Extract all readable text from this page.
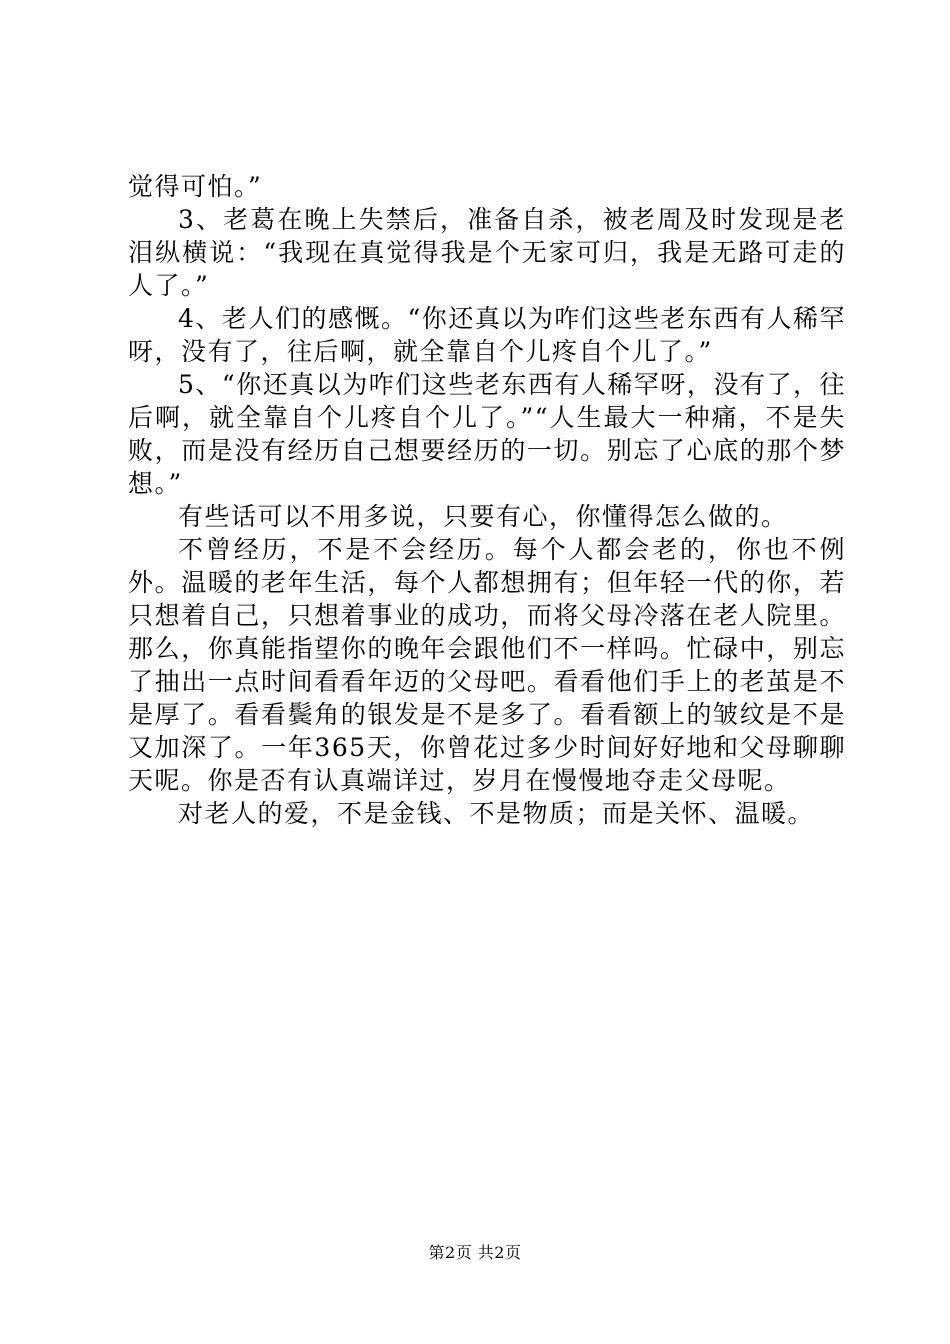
觉得可怕。”

3、老葛在晚上失禁后，准备自杀，被老周及时发现是老泪纵横说：“我现在真觉得我是个无家可归，我是无路可走的人了。”

4、老人们的感慨。“你还真以为咋们这些老东西有人稀罕呀，没有了，往后啊，就全靠自个儿疼自个儿了。”

5、“你还真以为咋们这些老东西有人稀罕呀，没有了，往后啊，就全靠自个儿疼自个儿了。”“人生最大一种痛，不是失败，而是没有经历自己想要经历的一切。别忘了心底的那个梦想。”

有些话可以不用多说，只要有心，你懂得怎么做的。

不曾经历，不是不会经历。每个人都会老的，你也不例外。温暖的老年生活，每个人都想拥有；但年轻一代的你，若只想着自己，只想着事业的成功，而将父母冷落在老人院里。那么，你真能指望你的晚年会跟他们不一样吗。忙碌中，别忘了抽出一点时间看看年迈的父母吧。看看他们手上的老茧是不是厚了。看看鬓角的银发是不是多了。看看额上的皱纹是不是又加深了。一年365天，你曾花过多少时间好好地和父母聊聊天呢。你是否有认真端详过，岁月在慢慢地夺走父母呢。

对老人的爱，不是金钱、不是物质；而是关怀、温暖。

第2页 共2页
